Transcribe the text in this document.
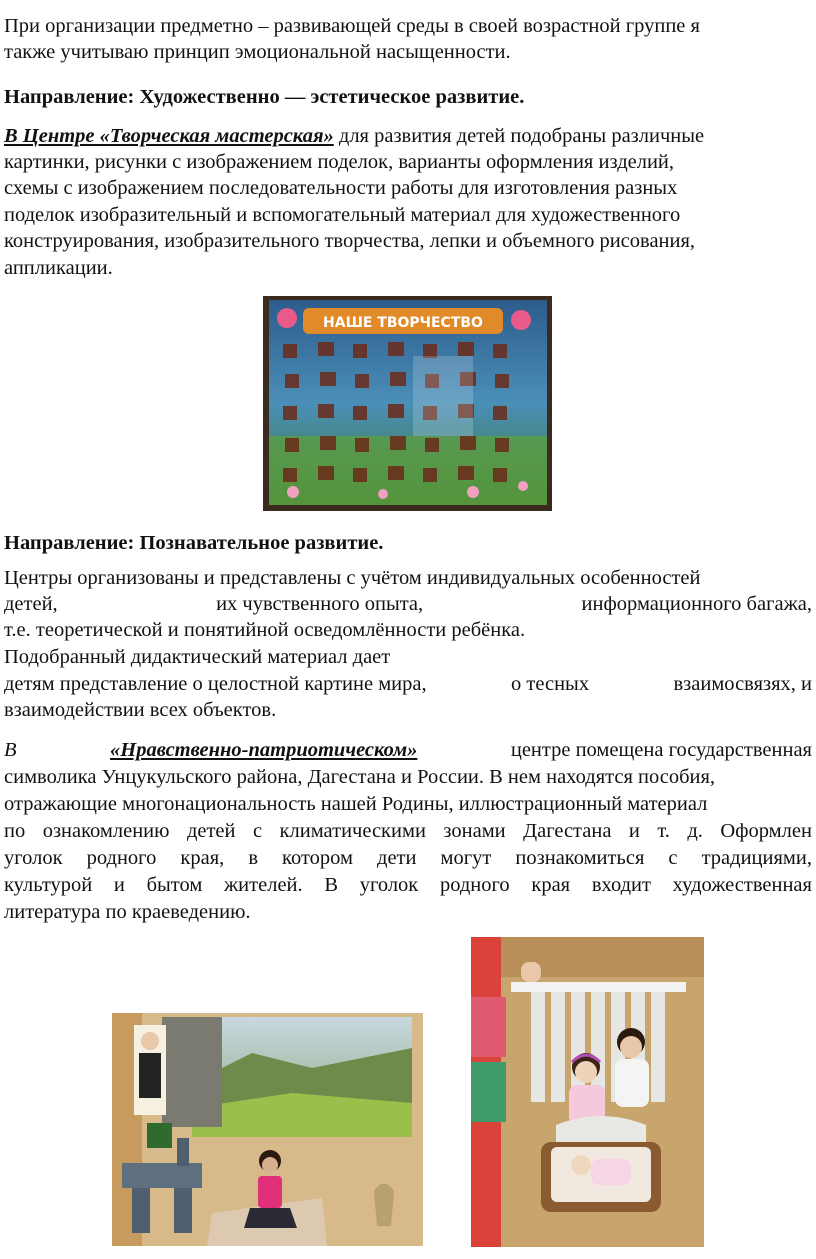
При организации предметно – развивающей среды в своей возрастной группе я

также учитываю принцип эмоциональной насыщенности.

Направление: Художественно — эстетическое развитие.

В Центре «Творческая мастерская» для развития детей подобраны различные

картинки, рисунки с изображением поделок, варианты оформления изделий,

схемы с изображением последовательности работы для изготовления разных

поделок изобразительный и вспомогательный материал для художественного

конструирования, изобразительного творчества, лепки и объемного рисования,

аппликации.

НАШЕ ТВОРЧЕСТВО

Направление: Познавательное развитие.

Центры организованы и представлены с учётом индивидуальных особенностей

детей,	их чувственного опыта,	информационного багажа,

т.е. теоретической и понятийной осведомлённости ребёнка.

Подобранный дидактический материал дает

детям представление о целостной картине мира,	о тесных	взаимосвязях, и

взаимодействии всех объектов.

В	«Нравственно-патриотическом»	центре помещена государственная

символика Унцукульского района, Дагестана и России. В нем находятся пособия,

отражающие многонациональность нашей Родины, иллюстрационный материал

по ознакомлению детей с климатическими зонами Дагестана и т. д. Оформлен

уголок родного края, в котором дети могут познакомиться с традициями,

культурой и бытом жителей. В уголок родного края входит художественная

литература по краеведению.
